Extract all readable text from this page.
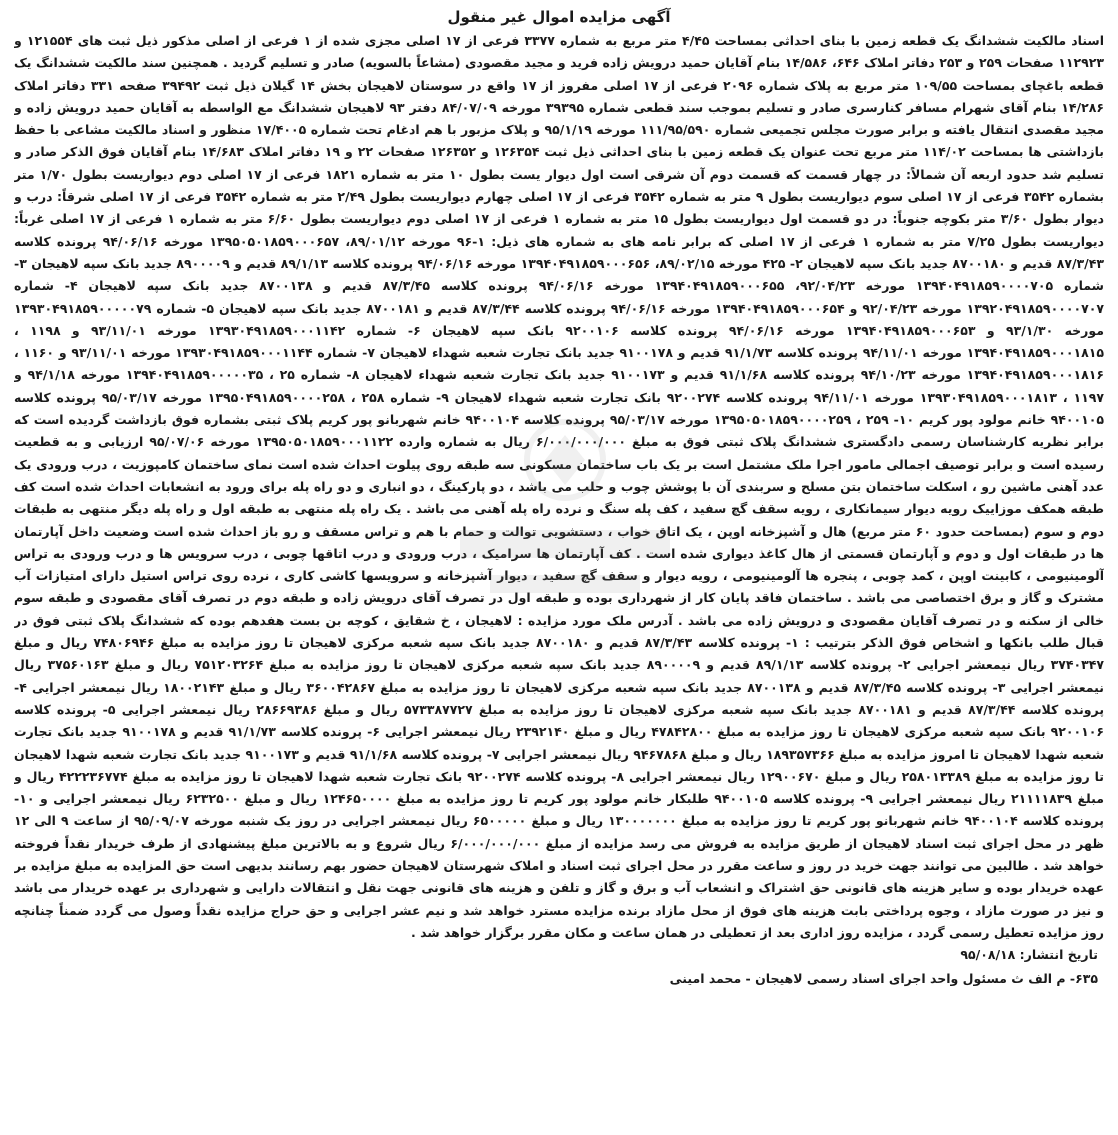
آگهی مزایده اموال غیر منقول

اسناد مالکیت ششدانگ یک قطعه زمین با بنای احداثی بمساحت ۴/۴۵ متر مربع به شماره ۳۳۷۷ فرعی از ۱۷ اصلی مجزی شده از ۱ فرعی از اصلی مذکور ذیل ثبت های ۱۲۱۵۵۴ و ۱۱۲۹۲۳ صفحات ۲۵۹ و ۲۵۳ دفاتر املاک ۶۴۶، ۱۴/۵۸۶ بنام آقایان حمید درویش زاده فرید و مجید مقصودی (مشاعاً بالسویه) صادر و تسلیم گردید . همچنین سند مالکیت ششدانگ یک قطعه باغچای بمساحت ۱۰۹/۵۵ متر مربع به پلاک شماره ۲۰۹۶ فرعی از ۱۷ اصلی مفروز از ۱۷ واقع در سوستان لاهیجان بخش ۱۴ گیلان ذیل ثبت ۳۹۴۹۲ صفحه ۳۳۱ دفاتر املاک ۱۴/۲۸۶ بنام آقای شهرام مسافر کنارسری صادر و تسلیم بموجب سند قطعی شماره ۳۹۳۹۵ مورخه ۸۴/۰۷/۰۹ دفتر ۹۳ لاهیجان ششدانگ مع الواسطه به آقایان حمید درویش زاده و مجید مقصدی انتقال یافته و برابر صورت مجلس تجمیعی شماره ۱۱۱/۹۵/۵۹۰ مورخه ۹۵/۱/۱۹ و پلاک مزبور با هم ادغام تحت شماره ۱۷/۴۰۰۵ منظور و اسناد مالکیت مشاعی با حفظ بازداشتی ها بمساحت ۱۱۴/۰۲ متر مربع تحت عنوان یک قطعه زمین با بنای احداثی ذیل ثبت ۱۲۶۳۵۴ و ۱۲۶۳۵۲ صفحات ۲۲ و ۱۹ دفاتر املاک ۱۴/۶۸۳ بنام آقایان فوق الذکر صادر و تسلیم شد حدود اربعه آن شمالاً: در چهار قسمت که قسمت دوم آن شرقی است اول دیوار یست بطول ۱۰ متر به شماره ۱۸۲۱ فرعی از ۱۷ اصلی دوم دیواریست بطول ۱/۷۰ متر بشماره ۳۵۴۲ فرعی از ۱۷ اصلی سوم دیواریست بطول ۹ متر به شماره ۳۵۴۲ فرعی از ۱۷ اصلی چهارم دیواریست بطول ۲/۴۹ متر به شماره ۳۵۴۲ فرعی از ۱۷ اصلی شرقاً: درب و دیوار بطول ۳/۶۰ متر بکوچه جنوباً: در دو قسمت اول دیواریست بطول ۱۵ متر به شماره ۱ فرعی از ۱۷ اصلی دوم دیواریست بطول ۶/۶۰ متر به شماره ۱ فرعی از ۱۷ اصلی غرباً: دیواریست بطول ۷/۲۵ متر به شماره ۱ فرعی از ۱۷ اصلی که برابر نامه های به شماره های ذیل: ۱-۹۶ مورخه ۸۹/۰۱/۱۲، ۱۳۹۵۰۵۰۱۸۵۹۰۰۰۶۵۷ مورخه ۹۴/۰۶/۱۶ پرونده کلاسه ۸۷/۳/۴۳ قدیم و ۸۷۰۰۱۸۰ جدید بانک سپه لاهیجان ۲- ۴۲۵ مورخه ۸۹/۰۲/۱۵، ۱۳۹۴۰۴۹۱۸۵۹۰۰۰۶۵۶ مورخه ۹۴/۰۶/۱۶ پرونده کلاسه ۸۹/۱/۱۳ قدیم و ۸۹۰۰۰۰۹ جدید بانک سپه لاهیجان ۳- شماره ۱۳۹۴۰۴۹۱۸۵۹۰۰۰۰۷۰۵ مورخه ۹۲/۰۴/۲۳، ۱۳۹۴۰۴۹۱۸۵۹۰۰۰۶۵۵ مورخه ۹۴/۰۶/۱۶ پرونده کلاسه ۸۷/۳/۴۵ قدیم و ۸۷۰۰۱۳۸ جدید بانک سپه لاهیجان ۴- شماره ۱۳۹۲۰۴۹۱۸۵۹۰۰۰۰۷۰۷ مورخه ۹۲/۰۴/۲۳ و ۱۳۹۴۰۴۹۱۸۵۹۰۰۰۶۵۴ مورخه ۹۴/۰۶/۱۶ پرونده کلاسه ۸۷/۳/۴۴ قدیم و ۸۷۰۰۱۸۱ جدید بانک سپه لاهیجان ۵- شماره ۱۳۹۳۰۴۹۱۸۵۹۰۰۰۰۰۷۹ مورخه ۹۳/۱/۳۰ و ۱۳۹۴۰۴۹۱۸۵۹۰۰۰۶۵۳ مورخه ۹۴/۰۶/۱۶ پرونده کلاسه ۹۲۰۰۱۰۶ بانک سپه لاهیجان ۶- شماره ۱۳۹۳۰۴۹۱۸۵۹۰۰۰۱۱۴۲ مورخه ۹۳/۱۱/۰۱ و ۱۱۹۸ ، ۱۳۹۴۰۴۹۱۸۵۹۰۰۰۱۸۱۵ مورخه ۹۴/۱۱/۰۱ پرونده کلاسه ۹۱/۱/۷۳ قدیم و ۹۱۰۰۱۷۸ جدید بانک تجارت شعبه شهداء لاهیجان ۷- شماره ۱۳۹۳۰۴۹۱۸۵۹۰۰۰۱۱۴۴ مورخه ۹۳/۱۱/۰۱ و ۱۱۶۰ ، ۱۳۹۴۰۴۹۱۸۵۹۰۰۰۱۸۱۶ مورخه ۹۴/۱۰/۲۳ پرونده کلاسه ۹۱/۱/۶۸ قدیم و ۹۱۰۰۱۷۳ جدید بانک تجارت شعبه شهداء لاهیجان ۸- شماره ۲۵ ، ۱۳۹۴۰۴۹۱۸۵۹۰۰۰۰۰۳۵ مورخه ۹۴/۱/۱۸ و ۱۱۹۷ ، ۱۳۹۳۰۴۹۱۸۵۹۰۰۰۱۸۱۳ مورخه ۹۴/۱۱/۰۱ پرونده کلاسه ۹۲۰۰۲۷۴ بانک تجارت شعبه شهداء لاهیجان ۹- شماره ۲۵۸ ، ۱۳۹۵۰۴۹۱۸۵۹۰۰۰۰۲۵۸ مورخه ۹۵/۰۳/۱۷ پرونده کلاسه ۹۴۰۰۱۰۵ خانم مولود پور کریم ۱۰- ۲۵۹ ، ۱۳۹۵۰۵۰۱۸۵۹۰۰۰۰۲۵۹ مورخه ۹۵/۰۳/۱۷ پرونده کلاسه ۹۴۰۰۱۰۴ خانم شهربانو پور کریم پلاک ثبتی بشماره فوق بازداشت گردیده است که برابر نظریه کارشناسان رسمی دادگستری ششدانگ پلاک ثبتی فوق به مبلغ ۶/۰۰۰/۰۰۰/۰۰۰ ریال به شماره وارده ۱۳۹۵۰۵۰۱۸۵۹۰۰۰۱۱۲۲ مورخه ۹۵/۰۷/۰۶ ارزیابی و به قطعیت رسیده است و برابر توصیف اجمالی مامور اجرا ملک مشتمل است بر یک باب ساختمان مسکونی سه طبقه روی پیلوت احداث شده است نمای ساختمان کامپوزیت ، درب ورودی یک عدد آهنی ماشین رو ، اسکلت ساختمان بتن مسلح و سربندی آن با پوشش چوب و حلب می باشد ، دو پارکینگ ، دو انباری و دو راه پله برای ورود به انشعابات احداث شده است کف طبقه همکف موزاییک رویه دیوار سیمانکاری ، رویه سقف گچ سفید ، کف پله سنگ و نرده راه پله آهنی می باشد . یک راه پله منتهی به طبقه اول و راه پله دیگر منتهی به طبقات دوم و سوم (بمساحت حدود ۶۰ متر مربع) هال و آشپزخانه اوپن ، یک اتاق خواب ، دستشویی توالت و حمام با هم و تراس مسقف و رو باز احداث شده است وضعیت داخل آپارتمان ها در طبقات اول و دوم و آپارتمان قسمتی از هال کاغذ دیواری شده است . کف آپارتمان ها سرامیک ، درب ورودی و درب اتاقها چوبی ، درب سرویس ها و درب ورودی به تراس آلومینیومی ، کابینت اوپن ، کمد چوبی ، پنجره ها آلومینیومی ، رویه دیوار و سقف گچ سفید ، دیوار آشپزخانه و سرویسها کاشی کاری ، نرده روی تراس استیل دارای امتیازات آب مشترک و گاز و برق اختصاصی می باشد . ساختمان فاقد پایان کار از شهرداری بوده و طبقه اول در تصرف آقای درویش زاده و طبقه دوم در تصرف آقای مقصودی و طبقه سوم خالی از سکنه و در تصرف آقایان مقصودی و درویش زاده می باشد . آدرس ملک مورد مزایده : لاهیجان ، خ شقایق ، کوچه بن بست هفدهم بوده که ششدانگ پلاک ثبتی فوق در قبال طلب بانکها و اشخاص فوق الذکر بترتیب : ۱- پرونده کلاسه ۸۷/۳/۴۳ قدیم و ۸۷۰۰۱۸۰ جدید بانک سپه شعبه مرکزی لاهیجان تا روز مزایده به مبلغ ۷۴۸۰۶۹۴۶ ریال و مبلغ ۳۷۴۰۳۴۷ ریال نیمعشر اجرایی ۲- پرونده کلاسه ۸۹/۱/۱۳ قدیم و ۸۹۰۰۰۰۹ جدید بانک سپه شعبه مرکزی لاهیجان تا روز مزایده به مبلغ ۷۵۱۲۰۳۲۶۴ ریال و مبلغ ۳۷۵۶۰۱۶۳ ریال نیمعشر اجرایی ۳- پرونده کلاسه ۸۷/۳/۴۵ قدیم و ۸۷۰۰۱۳۸ جدید بانک سپه شعبه مرکزی لاهیجان تا روز مزایده به مبلغ ۳۶۰۰۴۲۸۶۷ ریال و مبلغ ۱۸۰۰۲۱۴۳ ریال نیمعشر اجرایی ۴- پرونده کلاسه ۸۷/۳/۴۴ قدیم و ۸۷۰۰۱۸۱ جدید بانک سپه شعبه مرکزی لاهیجان تا روز مزایده به مبلغ ۵۷۳۳۸۷۷۲۷ ریال و مبلغ ۲۸۶۶۹۳۸۶ ریال نیمعشر اجرایی ۵- پرونده کلاسه ۹۲۰۰۱۰۶ بانک سپه شعبه مرکزی لاهیجان تا روز مزایده به مبلغ ۴۷۸۴۲۸۰۰ ریال و مبلغ ۲۳۹۲۱۴۰ ریال نیمعشر اجرایی ۶- پرونده کلاسه ۹۱/۱/۷۳ قدیم و ۹۱۰۰۱۷۸ جدید بانک تجارت شعبه شهدا لاهیجان تا امروز مزایده به مبلغ ۱۸۹۳۵۷۳۶۶ ریال و مبلغ ۹۴۶۷۸۶۸ ریال نیمعشر اجرایی ۷- پرونده کلاسه ۹۱/۱/۶۸ قدیم و ۹۱۰۰۱۷۳ جدید بانک تجارت شعبه شهدا لاهیجان تا روز مزایده به مبلغ ۲۵۸۰۱۳۳۸۹ ریال و مبلغ ۱۲۹۰۰۶۷۰ ریال نیمعشر اجرایی ۸- پرونده کلاسه ۹۲۰۰۲۷۴ بانک تجارت شعبه شهدا لاهیجان تا روز مزایده به مبلغ ۴۲۲۲۳۶۷۷۴ ریال و مبلغ ۲۱۱۱۱۸۳۹ ریال نیمعشر اجرایی ۹- پرونده کلاسه ۹۴۰۰۱۰۵ طلبکار خانم مولود پور کریم تا روز مزایده به مبلغ ۱۲۴۶۵۰۰۰۰ ریال و مبلغ ۶۲۳۲۵۰۰ ریال نیمعشر اجرایی و ۱۰- پرونده کلاسه ۹۴۰۰۱۰۴ خانم شهربانو پور کریم تا روز مزایده به مبلغ ۱۳۰۰۰۰۰۰۰ ریال و مبلغ ۶۵۰۰۰۰۰ ریال نیمعشر اجرایی در روز یک شنبه مورخه ۹۵/۰۹/۰۷ از ساعت ۹ الی ۱۲ ظهر در محل اجرای ثبت اسناد لاهیجان از طریق مزایده به فروش می رسد مزایده از مبلغ ۶/۰۰۰/۰۰۰/۰۰۰ ریال شروع و به بالاترین مبلغ پیشنهادی از طرف خریدار نقداً فروخته خواهد شد . طالبین می توانند جهت خرید در روز و ساعت مقرر در محل اجرای ثبت اسناد و املاک شهرستان لاهیجان حضور بهم رسانند بدیهی است حق المزایده به مبلغ مزایده بر عهده خریدار بوده و سایر هزینه های قانونی حق اشتراک و انشعاب آب و برق و گاز و تلفن و هزینه های قانونی جهت نقل و انتقالات دارایی و شهرداری بر عهده خریدار می باشد و نیز در صورت مازاد ، وجوه پرداختی بابت هزینه های فوق از محل مازاد برنده مزایده مسترد خواهد شد و نیم عشر اجرایی و حق حراج مزایده نقداً وصول می گردد ضمناً چنانچه روز مزایده تعطیل رسمی گردد ، مزایده روز اداری بعد از تعطیلی در همان ساعت و مکان مقرر برگزار خواهد شد .

تاریخ انتشار: ۹۵/۰۸/۱۸

۶۳۵- م الف ث مسئول واحد اجرای اسناد رسمی لاهیجان - محمد امینی
